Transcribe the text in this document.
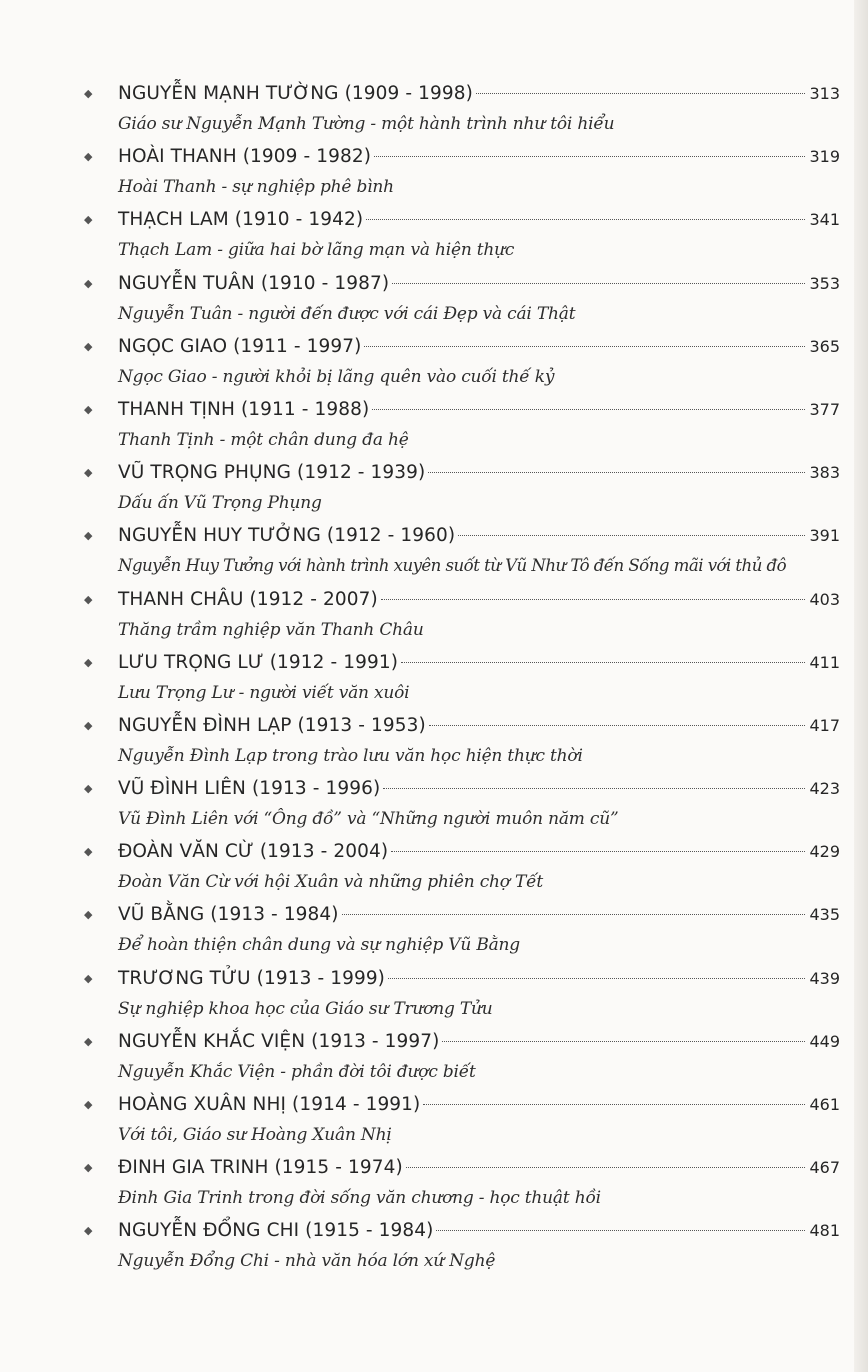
◆	NGUYỄN MẠNH TƯỜNG (1909 - 1998)	313
Giáo sư Nguyễn Mạnh Tường - một hành trình như tôi hiểu
◆	HOÀI THANH (1909 - 1982)	319
Hoài Thanh - sự nghiệp phê bình
◆	THẠCH LAM (1910 - 1942)	341
Thạch Lam - giữa hai bờ lãng mạn và hiện thực
◆	NGUYỄN TUÂN (1910 - 1987)	353
Nguyễn Tuân - người đến được với cái Đẹp và cái Thật
◆	NGỌC GIAO (1911 - 1997)	365
Ngọc Giao - người khỏi bị lãng quên vào cuối thế kỷ
◆	THANH TỊNH (1911 - 1988)	377
Thanh Tịnh - một chân dung đa hệ
◆	VŨ TRỌNG PHỤNG (1912 - 1939)	383
Dấu ấn Vũ Trọng Phụng
◆	NGUYỄN HUY TƯỞNG (1912 - 1960)	391
Nguyễn Huy Tưởng với hành trình xuyên suốt từ Vũ Như Tô đến Sống mãi với thủ đô
◆	THANH CHÂU (1912 - 2007)	403
Thăng trầm nghiệp văn Thanh Châu
◆	LƯU TRỌNG LƯ (1912 - 1991)	411
Lưu Trọng Lư - người viết văn xuôi
◆	NGUYỄN ĐÌNH LẠP (1913 - 1953)	417
Nguyễn Đình Lạp trong trào lưu văn học hiện thực thời
◆	VŨ ĐÌNH LIÊN (1913 - 1996)	423
Vũ Đình Liên với “Ông đồ” và “Những người muôn năm cũ”
◆	ĐOÀN VĂN CỪ (1913 - 2004)	429
Đoàn Văn Cừ với hội Xuân và những phiên chợ Tết
◆	VŨ BẰNG (1913 - 1984)	435
Để hoàn thiện chân dung và sự nghiệp Vũ Bằng
◆	TRƯƠNG TỬU (1913 - 1999)	439
Sự nghiệp khoa học của Giáo sư Trương Tửu
◆	NGUYỄN KHẮC VIỆN (1913 - 1997)	449
Nguyễn Khắc Viện - phần đời tôi được biết
◆	HOÀNG XUÂN NHỊ (1914 - 1991)	461
Với tôi, Giáo sư Hoàng Xuân Nhị
◆	ĐINH GIA TRINH (1915 - 1974)	467
Đinh Gia Trinh trong đời sống văn chương - học thuật hồi
◆	NGUYỄN ĐỔNG CHI (1915 - 1984)	481
Nguyễn Đổng Chi - nhà văn hóa lớn xứ Nghệ
